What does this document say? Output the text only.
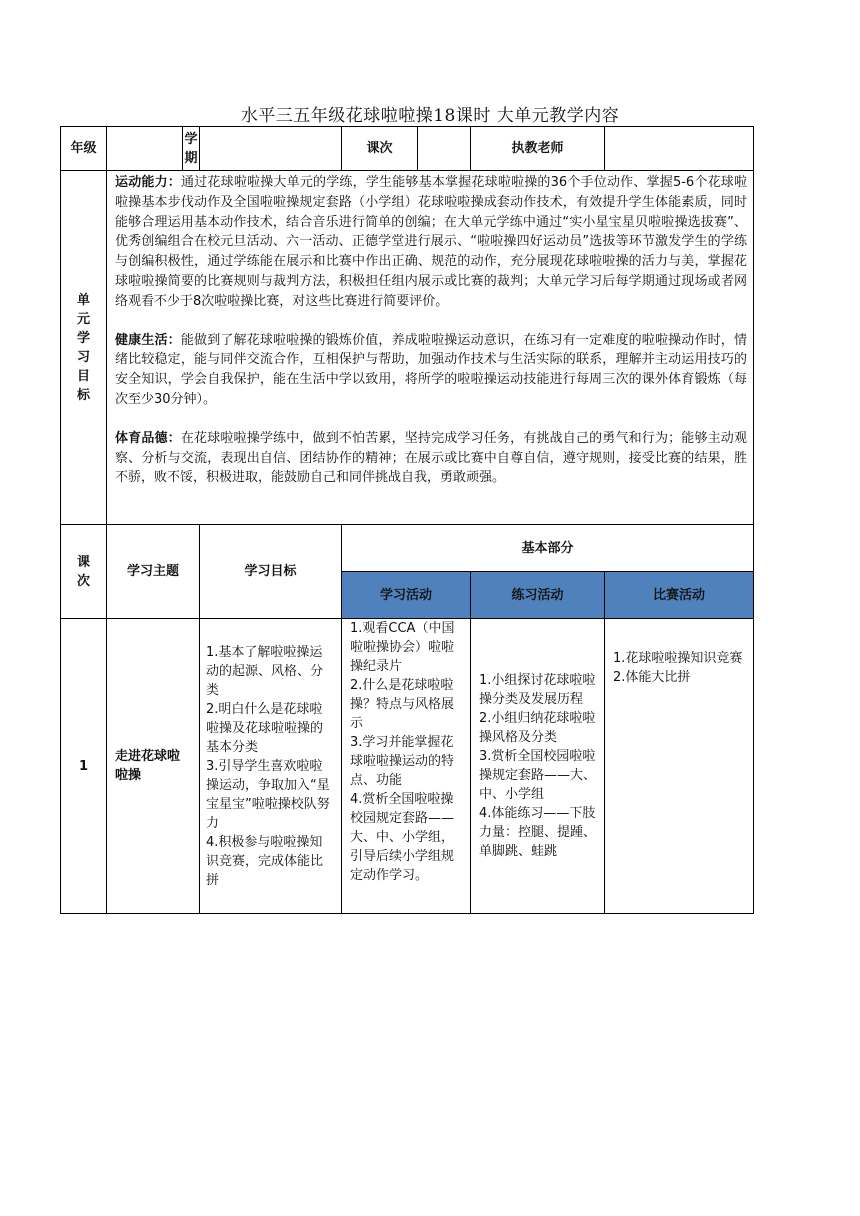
水平三五年级花球啦啦操18课时 大单元教学内容
年级		学期		课次		执教老师	
单元学习目标	运动能力：通过花球啦啦操大单元的学练，学生能够基本掌握花球啦啦操的36个手位动作、掌握5-6个花球啦啦操基本步伐动作及全国啦啦操规定套路（小学组）花球啦啦操成套动作技术，有效提升学生体能素质，同时能够合理运用基本动作技术，结合音乐进行简单的创编；在大单元学练中通过“实小星宝星贝啦啦操选拔赛”、优秀创编组合在校元旦活动、六一活动、正德学堂进行展示、“啦啦操四好运动员”选拔等环节激发学生的学练与创编积极性，通过学练能在展示和比赛中作出正确、规范的动作，充分展现花球啦啦操的活力与美，掌握花球啦啦操简要的比赛规则与裁判方法，积极担任组内展示或比赛的裁判；大单元学习后每学期通过现场或者网络观看不少于8次啦啦操比赛，对这些比赛进行简要评价。

健康生活：能做到了解花球啦啦操的锻炼价值，养成啦啦操运动意识，在练习有一定难度的啦啦操动作时，情绪比较稳定，能与同伴交流合作，互相保护与帮助，加强动作技术与生活实际的联系，理解并主动运用技巧的安全知识，学会自我保护，能在生活中学以致用，将所学的啦啦操运动技能进行每周三次的课外体育锻炼（每次至少30分钟）。

体育品德：在花球啦啦操学练中，做到不怕苦累，坚持完成学习任务，有挑战自己的勇气和行为；能够主动观察、分析与交流，表现出自信、团结协作的精神；在展示或比赛中自尊自信，遵守规则，接受比赛的结果，胜不骄，败不馁，积极进取，能鼓励自己和同伴挑战自我，勇敢顽强。						

课次	学习主题		学习目标	基本部分			
				学习活动		练习活动	比赛活动
1	走进花球啦啦操		1.基本了解啦啦操运动的起源、风格、分类
2.明白什么是花球啦啦操及花球啦啦操的基本分类
3.引导学生喜欢啦啦操运动，争取加入“星宝星宝”啦啦操校队努力
4.积极参与啦啦操知识竞赛，完成体能比拼	1.观看CCA（中国啦啦操协会）啦啦操纪录片
2.什么是花球啦啦操？特点与风格展示
3.学习并能掌握花球啦啦操运动的特点、功能
4.赏析全国啦啦操校园规定套路——大、中、小学组，引导后续小学组规定动作学习。		1.小组探讨花球啦啦操分类及发展历程
2.小组归纳花球啦啦操风格及分类
3.赏析全国校园啦啦操规定套路——大、中、小学组
4.体能练习——下肢力量：控腿、提踵、单脚跳、蛙跳	1.花球啦啦操知识竞赛
2.体能大比拼
